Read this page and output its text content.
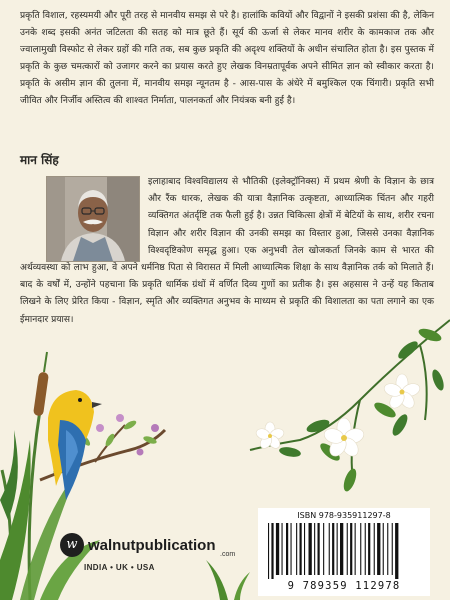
प्रकृति विशाल, रहस्यमयी और पूरी तरह से मानवीय समझ से परे है। हालांकि कवियों और विद्वानों ने इसकी प्रशंसा की है, लेकिन उनके शब्द इसकी अनंत जटिलता की सतह को मात्र छूते हैं। सूर्य की ऊर्जा से लेकर मानव शरीर के कामकाज तक और ज्वालामुखी विस्फोट से लेकर ग्रहों की गति तक, सब कुछ प्रकृति की अदृश्य शक्तियों के अधीन संचालित होता है। इस पुस्तक में प्रकृति के कुछ चमत्कारों को उजागर करने का प्रयास करते हुए लेखक विनम्रतापूर्वक अपने सीमित ज्ञान को स्वीकार करता है। प्रकृति के असीम ज्ञान की तुलना में, मानवीय समझ न्यूनतम है - आस-पास के अंधेरे में बमुश्किल एक चिंगारी। प्रकृति सभी जीवित और निर्जीव अस्तित्व की शाश्वत निर्माता, पालनकर्ता और नियंत्रक बनी हुई है।

मान सिंह

इलाहाबाद विश्वविद्यालय से भौतिकी (इलेक्ट्रॉनिक्स) में प्रथम श्रेणी के विज्ञान के छात्र और रैंक धारक, लेखक की यात्रा वैज्ञानिक उत्कृष्टता, आध्यात्मिक चिंतन और गहरी व्यक्तिगत अंतर्दृष्टि तक फैली हुई है। उन्नत चिकित्सा क्षेत्रों में बेटियों के साथ, शरीर रचना विज्ञान और शरीर विज्ञान की उनकी समझ का विस्तार हुआ, जिससे उनका वैज्ञानिक विश्वदृष्टिकोण समृद्ध हुआ। एक अनुभवी तेल खोजकर्ता जिनके काम से भारत की अर्थव्यवस्था को लाभ हुआ, वे अपने धर्मनिष्ठ पिता से विरासत में मिली आध्यात्मिक शिक्षा के साथ वैज्ञानिक तर्क को मिलाते हैं। बाद के वर्षों में, उन्होंने पहचाना कि प्रकृति धार्मिक ग्रंथों में वर्णित दिव्य गुणों का प्रतीक है। इस अहसास ने उन्हें यह किताब लिखने के लिए प्रेरित किया - विज्ञान, स्मृति और व्यक्तिगत अनुभव के माध्यम से प्रकृति की विशालता का पता लगाने का एक ईमानदार प्रयास।

w walnutpublication
.com
INDIA • UK • USA
ISBN 978-935911297-8
9 789359 112978
